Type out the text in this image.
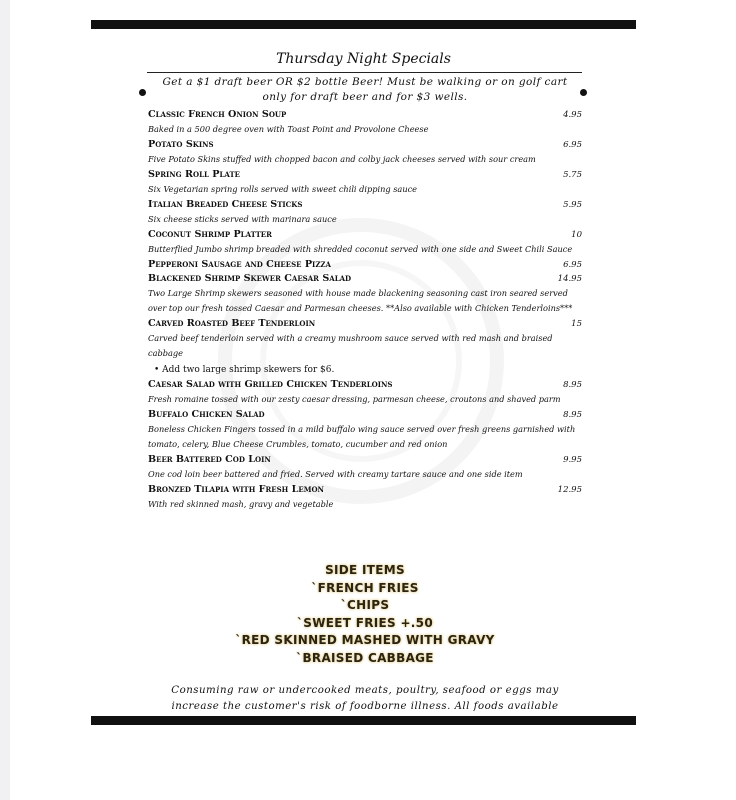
Thursday Night Specials

Get a $1 draft beer OR $2 bottle Beer! Must be walking or on golf cart only for draft beer and for $3 wells.

Classic French Onion Soup	4.95
Baked in a 500 degree oven with Toast Point and Provolone Cheese
Potato Skins	6.95
Five Potato Skins stuffed with chopped bacon and colby jack cheeses served with sour cream
Spring Roll Plate	5.75
Six Vegetarian spring rolls served with sweet chili dipping sauce
Italian Breaded Cheese Sticks	5.95
Six cheese sticks served with marinara sauce
Coconut Shrimp Platter	10
Butterflied Jumbo shrimp breaded with shredded coconut served with one side and Sweet Chili Sauce
Pepperoni Sausage and Cheese Pizza	6.95
Blackened Shrimp Skewer Caesar Salad	14.95
Two Large Shrimp skewers seasoned with house made blackening seasoning cast iron seared served over top our fresh tossed Caesar and Parmesan cheeses. **Also available with Chicken Tenderloins***
Carved Roasted Beef Tenderloin	15
Carved beef tenderloin served with a creamy mushroom sauce served with red mash and braised cabbage
• Add two large shrimp skewers for $6.
Caesar Salad with Grilled Chicken Tenderloins	8.95
Fresh romaine tossed with our zesty caesar dressing, parmesan cheese, croutons and shaved parm
Buffalo Chicken Salad	8.95
Boneless Chicken Fingers tossed in a mild buffalo wing sauce served over fresh greens garnished with tomato, celery, Blue Cheese Crumbles, tomato, cucumber and red onion
Beer Battered Cod Loin	9.95
One cod loin beer battered and fried. Served with creamy tartare sauce and one side item
Bronzed Tilapia with Fresh Lemon	12.95
With red skinned mash, gravy and vegetable
SIDE ITEMS
`FRENCH FRIES
`CHIPS
`SWEET FRIES +.50
`RED SKINNED MASHED WITH GRAVY
`BRAISED CABBAGE

Consuming raw or undercooked meats, poultry, seafood or eggs may increase the customer's risk of foodborne illness. All foods available
